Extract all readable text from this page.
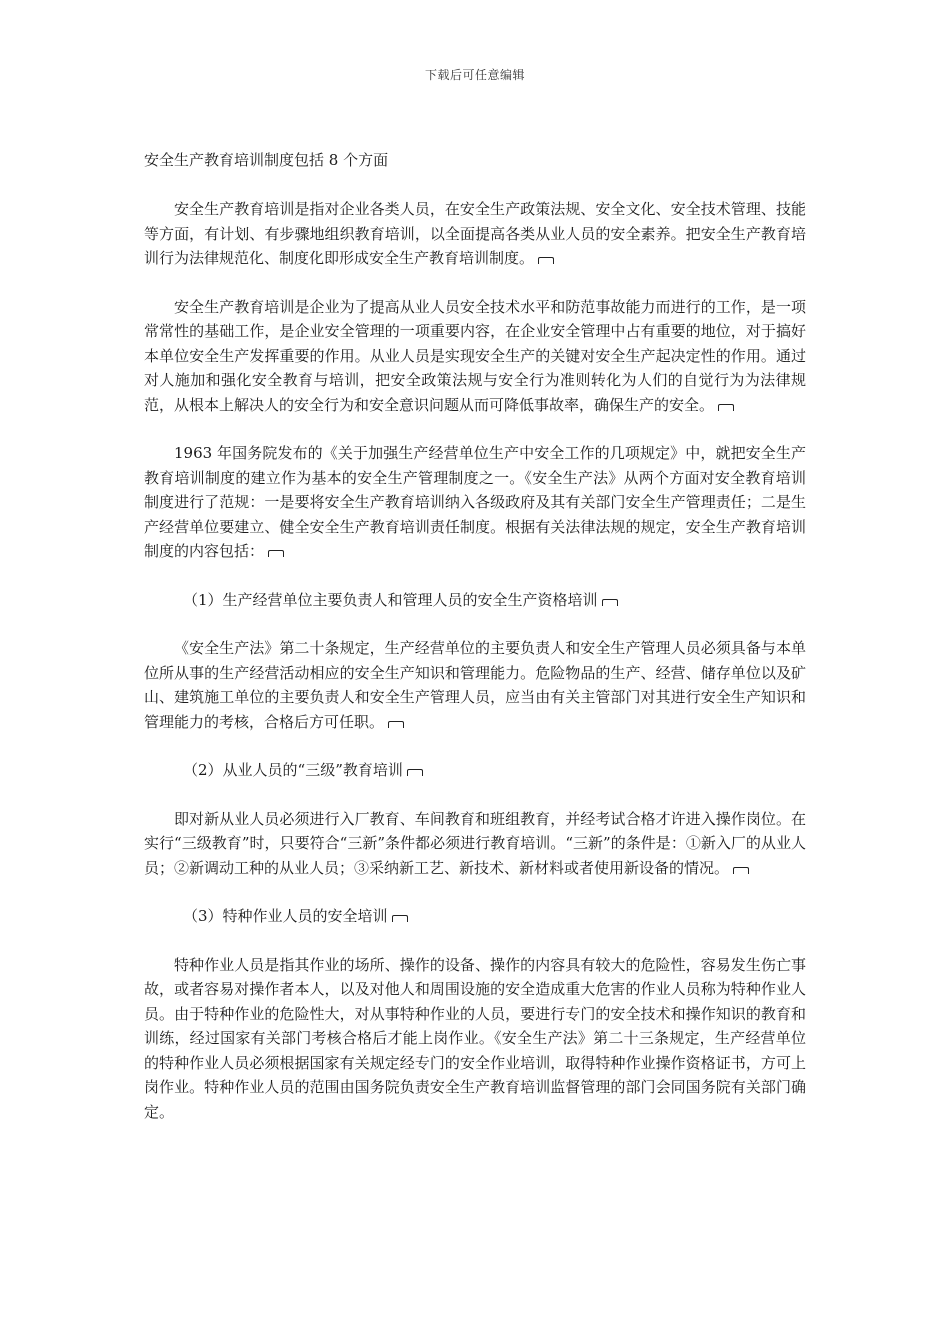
下载后可任意编辑
安全生产教育培训制度包括 8 个方面

安全生产教育培训是指对企业各类人员，在安全生产政策法规、安全文化、安全技术管理、技能等方面，有计划、有步骤地组织教育培训，以全面提高各类从业人员的安全素养。把安全生产教育培训行为法律规范化、制度化即形成安全生产教育培训制度。

安全生产教育培训是企业为了提高从业人员安全技术水平和防范事故能力而进行的工作，是一项常常性的基础工作，是企业安全管理的一项重要内容，在企业安全管理中占有重要的地位，对于搞好本单位安全生产发挥重要的作用。从业人员是实现安全生产的关键对安全生产起决定性的作用。通过对人施加和强化安全教育与培训，把安全政策法规与安全行为准则转化为人们的自觉行为为法律规范，从根本上解决人的安全行为和安全意识问题从而可降低事故率，确保生产的安全。

1963 年国务院发布的《关于加强生产经营单位生产中安全工作的几项规定》中，就把安全生产教育培训制度的建立作为基本的安全生产管理制度之一。《安全生产法》从两个方面对安全教育培训制度进行了范规：一是要将安全生产教育培训纳入各级政府及其有关部门安全生产管理责任；二是生产经营单位要建立、健全安全生产教育培训责任制度。根据有关法律法规的规定，安全生产教育培训制度的内容包括：

（1）生产经营单位主要负责人和管理人员的安全生产资格培训

《安全生产法》第二十条规定，生产经营单位的主要负责人和安全生产管理人员必须具备与本单位所从事的生产经营活动相应的安全生产知识和管理能力。危险物品的生产、经营、储存单位以及矿山、建筑施工单位的主要负责人和安全生产管理人员，应当由有关主管部门对其进行安全生产知识和管理能力的考核，合格后方可任职。

（2）从业人员的“三级”教育培训

即对新从业人员必须进行入厂教育、车间教育和班组教育，并经考试合格才许进入操作岗位。在实行“三级教育”时，只要符合“三新”条件都必须进行教育培训。“三新”的条件是：①新入厂的从业人员；②新调动工种的从业人员；③采纳新工艺、新技术、新材料或者使用新设备的情况。

（3）特种作业人员的安全培训

特种作业人员是指其作业的场所、操作的设备、操作的内容具有较大的危险性，容易发生伤亡事故，或者容易对操作者本人，以及对他人和周围设施的安全造成重大危害的作业人员称为特种作业人员。由于特种作业的危险性大，对从事特种作业的人员，要进行专门的安全技术和操作知识的教育和训练，经过国家有关部门考核合格后才能上岗作业。《安全生产法》第二十三条规定，生产经营单位的特种作业人员必须根据国家有关规定经专门的安全作业培训，取得特种作业操作资格证书，方可上岗作业。特种作业人员的范围由国务院负责安全生产教育培训监督管理的部门会同国务院有关部门确定。
